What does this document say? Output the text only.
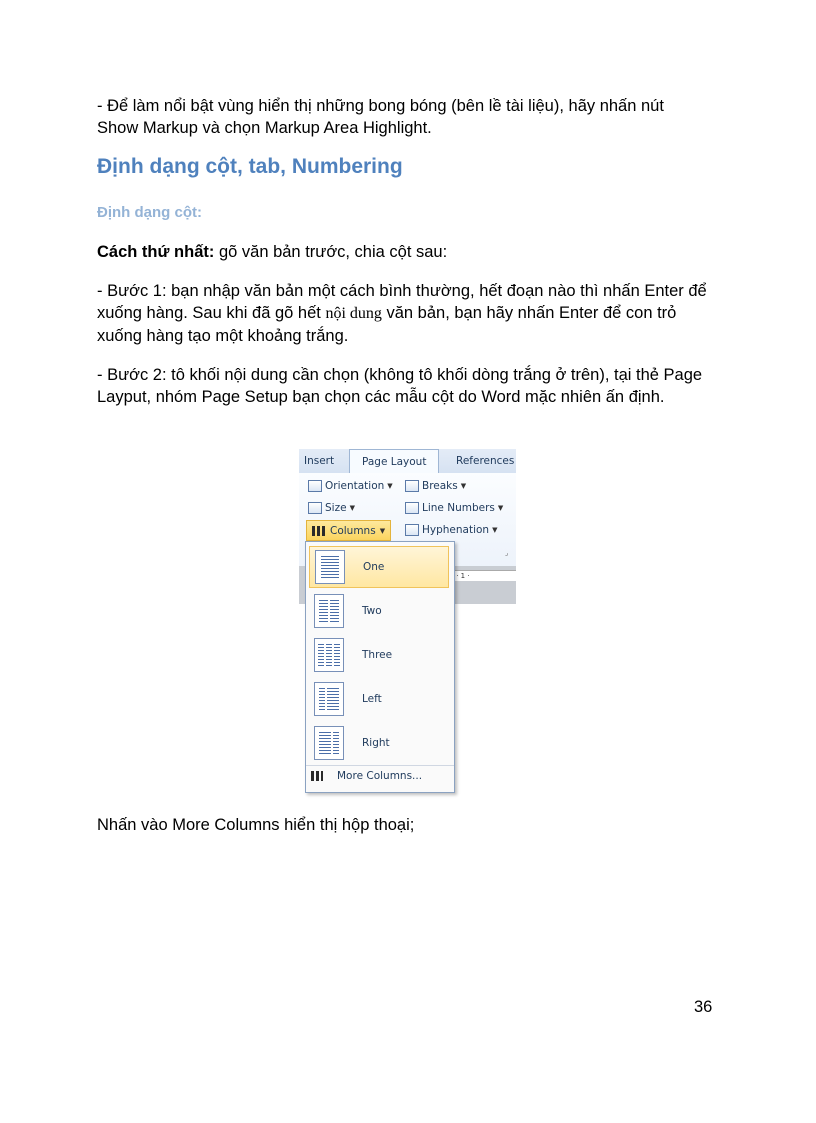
- Để làm nổi bật vùng hiển thị những bong bóng (bên lề tài liệu), hãy nhấn nút
Show Markup và chọn Markup Area Highlight.

Định dạng cột, tab, Numbering
Định dạng cột:

Cách thứ nhất: gõ văn bản trước, chia cột sau:

- Bước 1: bạn nhập văn bản một cách bình thường, hết đoạn nào thì nhấn Enter để xuống hàng. Sau khi đã gõ hết nội dung văn bản, bạn hãy nhấn Enter để con trỏ xuống hàng tạo một khoảng trắng.

- Bước 2: tô khối nội dung cần chọn (không tô khối dòng trắng ở trên), tại thẻ Page Layput, nhóm Page Setup bạn chọn các mẫu cột do Word mặc nhiên ấn định.

Insert	Page Layout	References
Orientation ▼	Breaks ▼
Size ▼	Line Numbers ▼
Hyphenation ▼
Columns ▼
⌟
· 1 ·
One
Two
Three
Left
Right
More Columns...

Nhấn vào More Columns hiển thị hộp thoại;

36
